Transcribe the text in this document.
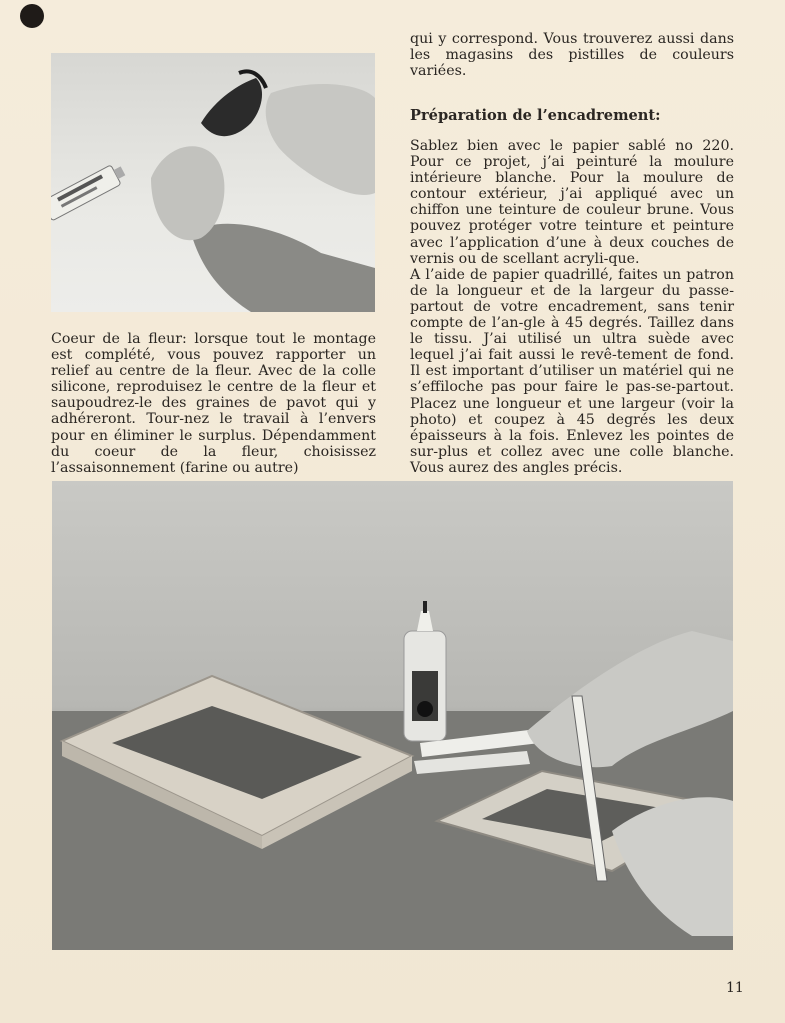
Coeur de la fleur: lorsque tout le montage est complété, vous pouvez rapporter un relief au centre de la fleur. Avec de la colle silicone, reproduisez le centre de la fleur et saupoudrez-le des graines de pavot qui y adhéreront. Tour-nez le travail à l’envers pour en éliminer le surplus. Dépendamment du coeur de la fleur, choisissez l’assaisonnement (farine ou autre)

qui y correspond. Vous trouverez aussi dans les magasins des pistilles de couleurs variées.

Préparation de l’encadrement:

Sablez bien avec le papier sablé no 220. Pour ce projet, j’ai peinturé la moulure intérieure blanche. Pour la moulure de contour extérieur, j’ai appliqué avec un chiffon une teinture de couleur brune. Vous pouvez protéger votre teinture et peinture avec l’application d’une à deux couches de vernis ou de scellant acryli-que.
A l’aide de papier quadrillé, faites un patron de la longueur et de la largeur du passe-partout de votre encadrement, sans tenir compte de l’an-gle à 45 degrés. Taillez dans le tissu. J’ai utilisé un ultra suède avec lequel j’ai fait aussi le revê-tement de fond. Il est important d’utiliser un matériel qui ne s’effiloche pas pour faire le pas-se-partout. Placez une longueur et une largeur (voir la photo) et coupez à 45 degrés les deux épaisseurs à la fois. Enlevez les pointes de sur-plus et collez avec une colle blanche. Vous aurez des angles précis.

11
